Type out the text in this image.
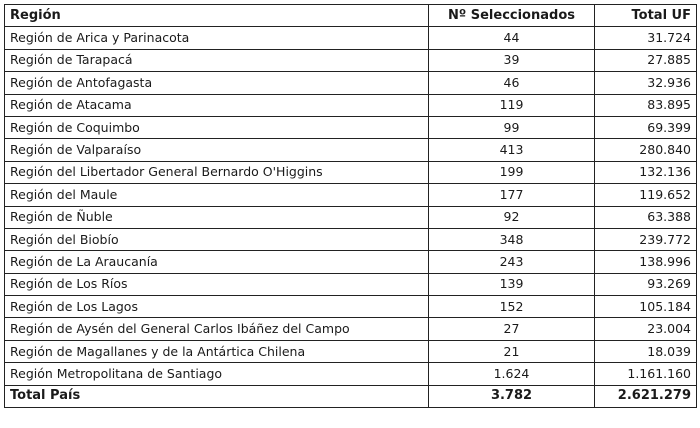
Región	Nº Seleccionados	Total UF
Región de Arica y Parinacota	44	31.724
Región de Tarapacá	39	27.885
Región de Antofagasta	46	32.936
Región de Atacama	119	83.895
Región de Coquimbo	99	69.399
Región de Valparaíso	413	280.840
Región del Libertador General Bernardo O'Higgins	199	132.136
Región del Maule	177	119.652
Región de Ñuble	92	63.388
Región del Biobío	348	239.772
Región de La Araucanía	243	138.996
Región de Los Ríos	139	93.269
Región de Los Lagos	152	105.184
Región de Aysén del General Carlos Ibáñez del Campo	27	23.004
Región de Magallanes y de la Antártica Chilena	21	18.039
Región Metropolitana de Santiago	1.624	1.161.160
Total País	3.782	2.621.279
